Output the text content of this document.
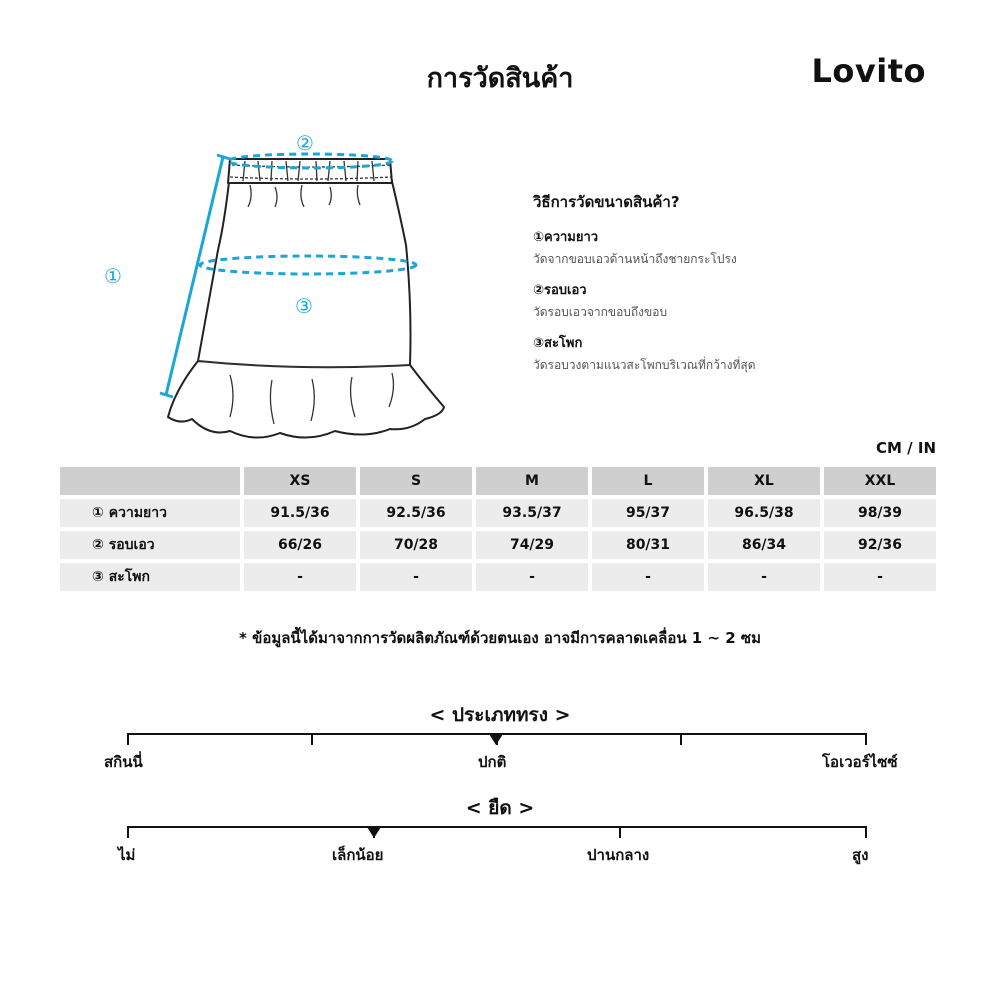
การวัดสินค้า	Lovito
①
②
③
วิธีการวัดขนาดสินค้า?
①ความยาว
วัดจากขอบเอวด้านหน้าถึงชายกระโปรง
②รอบเอว
วัดรอบเอวจากขอบถึงขอบ
③สะโพก
วัดรอบวงตามแนวสะโพกบริเวณที่กว้างที่สุด
CM / IN
	XS	S	M	L	XL	XXL
① ความยาว	91.5/36	92.5/36	93.5/37	95/37	96.5/38	98/39
② รอบเอว	66/26	70/28	74/29	80/31	86/34	92/36
③ สะโพก	-	-	-	-	-	-
* ข้อมูลนี้ได้มาจากการวัดผลิตภัณฑ์ด้วยตนเอง อาจมีการคลาดเคลื่อน 1 ~ 2 ซม
< ประเภททรง >
สกินนี่	ปกติ	โอเวอร์ไซซ์
< ยืด >
ไม่	เล็กน้อย	ปานกลาง	สูง
